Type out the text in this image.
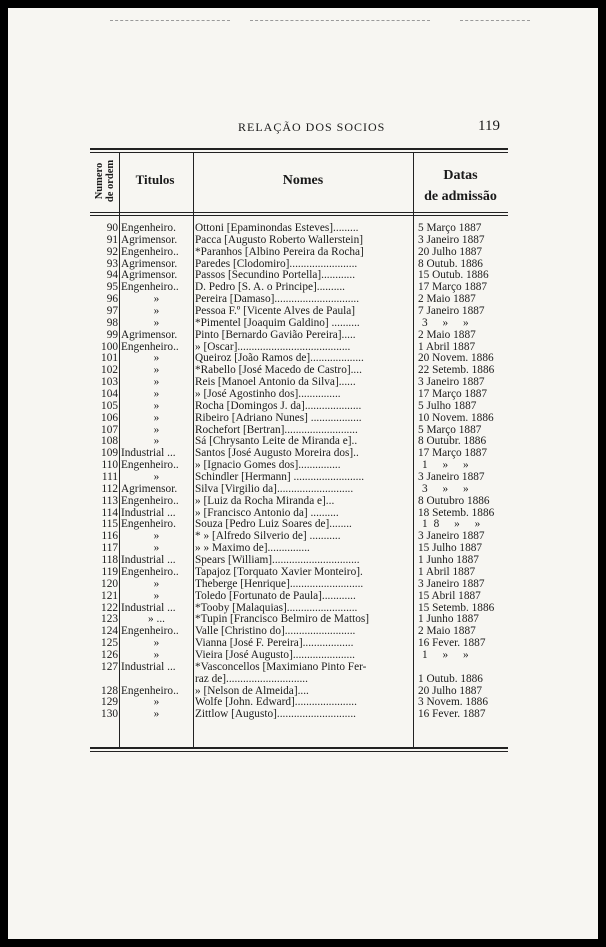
RELAÇÃO DOS SOCIOS	119
Numero de ordem	Titulos	Nomes	Datas
de admissão
90 Engenheiro.	Ottoni [Epaminondas Esteves].........	5 Março 1887
91 Agrimensor.	Pacca [Augusto Roberto Wallerstein]	3 Janeiro 1887
92 Engenheiro..	*Paranhos [Albino Pereira da Rocha]	20 Julho 1887
93 Agrimensor.	Paredes [Clodomiro]........................	8 Outub. 1886
94 Agrimensor.	Passos [Secundino Portella]............	15 Outub. 1886
95 Engenheiro..	D. Pedro [S. A. o Principe]..........	17 Março 1887
96	»	Pereira [Damaso]..............................	2 Maio 1887
97	»	Pessoa F.º [Vicente Alves de Paula]	7 Janeiro 1887
98	»	*Pimentel [Joaquim Galdino] ..........	3 » »
99 Agrimensor.	Pinto [Bernardo Gavião Pereira].....	2 Maio 1887
100 Engenheiro..	» [Oscar]........................................	1 Abril 1887
101	»	Queiroz [João Ramos de]...................	20 Novem. 1886
102	»	*Rabello [José Macedo de Castro]....	22 Setemb. 1886
103	»	Reis [Manoel Antonio da Silva]......	3 Janeiro 1887
104	»	» [José Agostinho dos]...............	17 Março 1887
105	»	Rocha [Domingos J. da]....................	5 Julho 1887
106	»	Ribeiro [Adriano Nunes] ..................	10 Novem. 1886
107	»	Rochefort [Bertran]..........................	5 Março 1887
108	»	Sá [Chrysanto Leite de Miranda e]..	8 Outubr. 1886
109 Industrial ...	Santos [José Augusto Moreira dos]..	17 Março 1887
110 Engenheiro..	» [Ignacio Gomes dos]...............	1 » »
111	»	Schindler [Hermann] .........................	3 Janeiro 1887
112 Agrimensor.	Silva [Virgilio da]...........................	3 » »
113 Engenheiro..	» [Luiz da Rocha Miranda e]...	8 Outubro 1886
114 Industrial ...	» [Francisco Antonio da] ..........	18 Setemb. 1886
115 Engenheiro.	Souza [Pedro Luiz Soares de]........	18 » »
116	»	* » [Alfredo Silverio de] ...........	3 Janeiro 1887
117	»	» » Maximo de]...............	15 Julho 1887
118 Industrial ...	Spears [William]...............................	1 Junho 1887
119 Engenheiro..	Tapajoz [Torquato Xavier Monteiro].	1 Abril 1887
120	»	Theberge [Henrique]..........................	3 Janeiro 1887
121	»	Toledo [Fortunato de Paula]............	15 Abril 1887
122 Industrial ...	*Tooby [Malaquias].........................	15 Setemb. 1886
123	» ...	*Tupin [Francisco Belmiro de Mattos]	1 Junho 1887
124 Engenheiro..	Valle [Christino do].........................	2 Maio 1887
125	»	Vianna [José F. Pereira]..................	16 Fever. 1887
126	»	Vieira [José Augusto]......................	1 » »
127 Industrial ...	*Vasconcellos [Maximiano Pinto Fer-
raz de].............................	1 Outub. 1886
128 Engenheiro..	» [Nelson de Almeida]....	20 Julho 1887
129	»	Wolfe [John. Edward]......................	3 Novem. 1886
130	»	Zittlow [Augusto]............................	16 Fever. 1887
